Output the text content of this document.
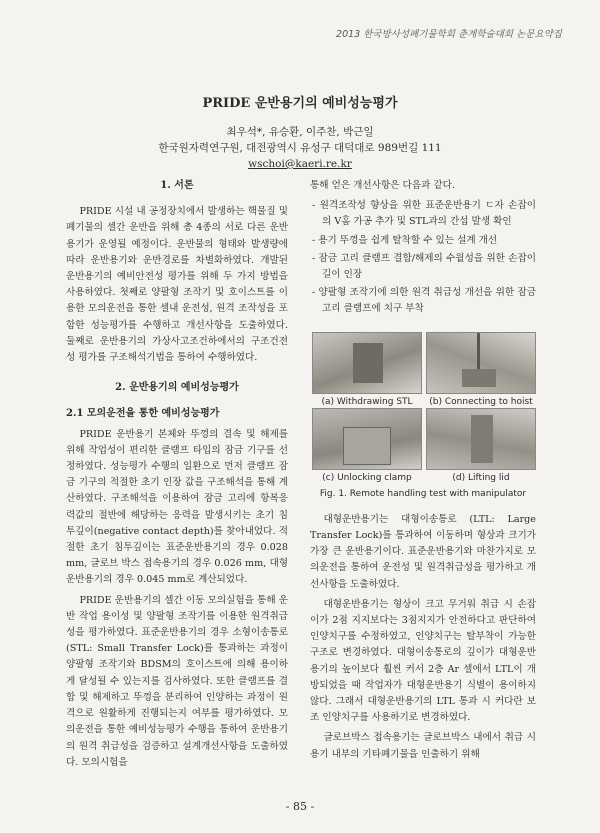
2013 한국방사성폐기물학회 춘계학술대회 논문요약집
PRIDE 운반용기의 예비성능평가
최우석*, 유승환, 이주찬, 박근일
한국원자력연구원, 대전광역시 유성구 대덕대로 989번길 111
wschoi@kaeri.re.kr
1. 서론

PRIDE 시설 내 공정장치에서 발생하는 핵물질 및 폐기물의 셀간 운반을 위해 총 4종의 서로 다른 운반용기가 운영될 예정이다. 운반물의 형태와 발생량에 따라 운반용기와 운반경로를 차별화하였다. 개발된 운반용기의 예비안전성 평가를 위해 두 가지 방법을 사용하였다. 첫째로 양팔형 조작기 및 호이스트를 이용한 모의운전을 통한 셀내 운전성, 원격 조작성을 포함한 성능평가를 수행하고 개선사항을 도출하였다. 둘째로 운반용기의 가상사고조건하에서의 구조건전성 평가를 구조해석기법을 통하여 수행하였다.

2. 운반용기의 예비성능평가
2.1 모의운전을 통한 예비성능평가

PRIDE 운반용기 본체와 뚜껑의 결속 및 해제를 위해 작업성이 편리한 클램프 타입의 잠금 기구를 선정하였다. 성능평가 수행의 일환으로 먼저 클램프 잠금 기구의 적절한 초기 인장 값을 구조해석을 통해 계산하였다. 구조해석을 이용하여 잠금 고리에 항복응력값의 절반에 해당하는 응력을 발생시키는 초기 침투깊이(negative contact depth)를 찾아내었다. 적절한 초기 침투깊이는 표준운반용기의 경우 0.028 mm, 글로브 박스 접속용기의 경우 0.026 mm, 대형운반용기의 경우 0.045 mm로 계산되었다.

PRIDE 운반용기의 셀간 이동 모의실험을 통해 운반 작업 용이성 및 양팔형 조작기를 이용한 원격취급성을 평가하였다. 표준운반용기의 경우 소형이송통로 (STL: Small Transfer Lock)를 통과하는 과정이 양팔형 조작기와 BDSM의 호이스트에 의해 용이하게 달성될 수 있는지를 검사하였다. 또한 클램프를 결합 및 해제하고 뚜껑을 분리하여 인양하는 과정이 원격으로 원활하게 진행되는지 여부를 평가하였다. 모의운전을 통한 예비성능평가 수행을 통하여 운반용기의 원격 취급성을 검증하고 설계개선사항을 도출하였다. 모의시험을

통해 얻은 개선사항은 다음과 같다.

- 원격조작성 향상을 위한 표준운반용기 ㄷ자 손잡이의 V홈 가공 추가 및 STL과의 간섭 발생 확인
- 용기 뚜껑을 쉽게 탈착할 수 있는 설계 개선
- 잠금 고리 클램프 결합/해제의 수월성을 위한 손잡이 길이 인장
- 양팔형 조작기에 의한 원격 취급성 개선을 위한 잠금 고리 클램프에 치구 부착
(a) Withdrawing STL	(b) Connecting to hoist
(c) Unlocking clamp	(d) Lifting lid
Fig. 1. Remote handling test with manipulator

대형운반용기는 대형이송통로 (LTL: Large Transfer Lock)를 통과하여 이동하며 형상과 크기가 가장 큰 운반용기이다. 표준운반용기와 마찬가지로 모의운전을 통하여 운전성 및 원격취급성을 평가하고 개선사항을 도출하였다.

대형운반용기는 형상이 크고 무거워 취급 시 손잡이가 2점 지지보다는 3점지지가 안전하다고 판단하여 인양치구를 수정하였고, 인양치구는 탈부착이 가능한 구조로 변경하였다. 대형이송통로의 깊이가 대형운반용기의 높이보다 훨씬 커서 2층 Ar 셀에서 LTL이 개방되었을 때 작업자가 대형운반용기 식별이 용이하지 않다. 그래서 대형운반용기의 LTL 통과 시 커다란 보조 인양치구를 사용하기로 변경하였다.

글로브박스 접속용기는 글로브박스 내에서 취급 시 용기 내부의 기타폐기물을 인출하기 위해

- 85 -
